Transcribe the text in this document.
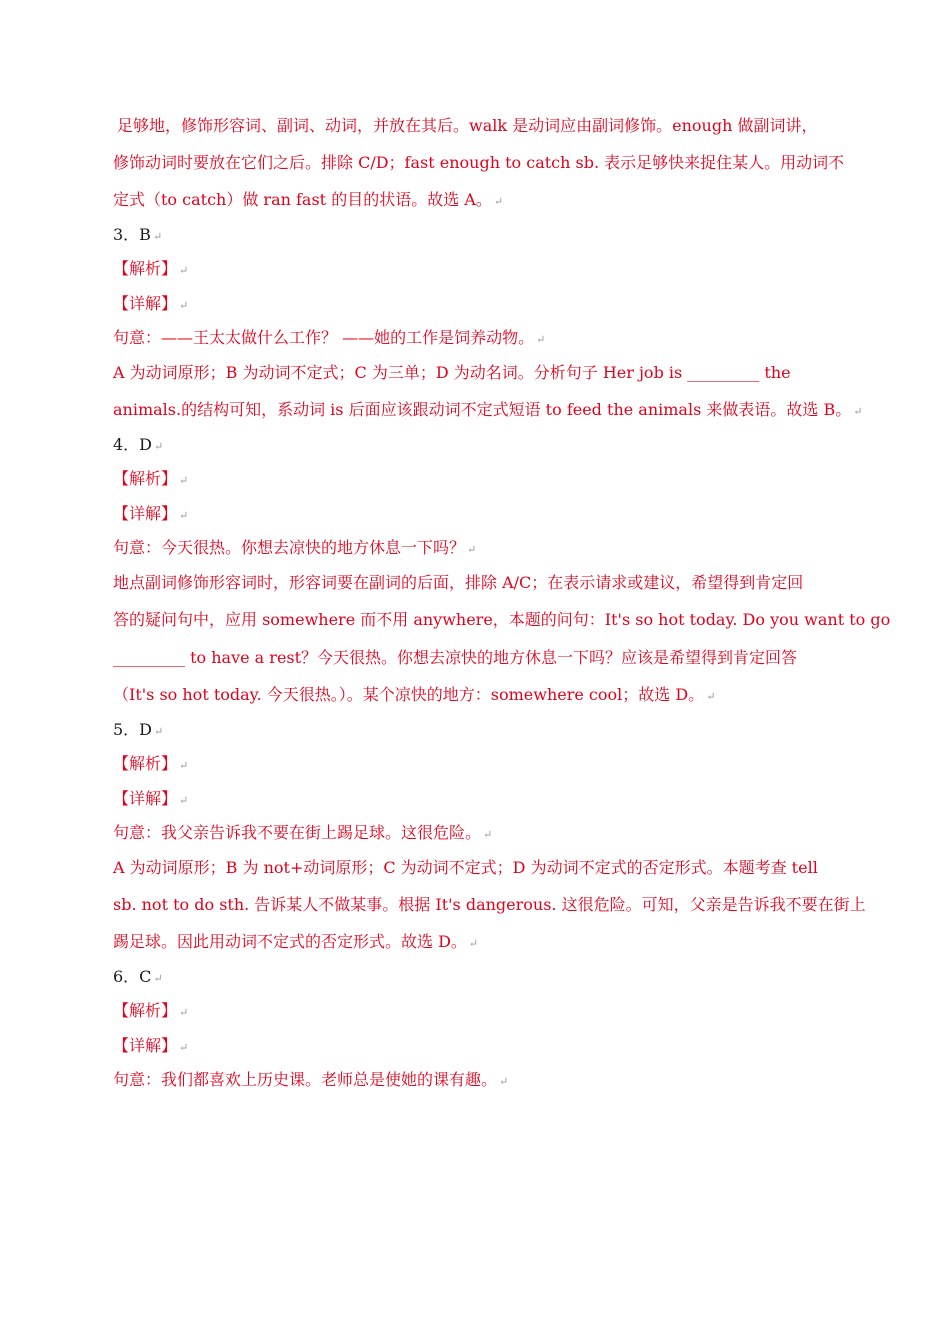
足够地，修饰形容词、副词、动词，并放在其后。walk 是动词应由副词修饰。enough 做副词讲，
修饰动词时要放在它们之后。排除 C/D；fast enough to catch sb. 表示足够快来捉住某人。用动词不
定式（to catch）做 ran fast 的目的状语。故选 A。 ↵
3．B ↵
【解析】 ↵
【详解】 ↵
句意：——王太太做什么工作？ ——她的工作是饲养动物。 ↵
A 为动词原形；B 为动词不定式；C 为三单；D 为动名词。分析句子 Her job is _________ the
animals.的结构可知，系动词 is 后面应该跟动词不定式短语 to feed the animals 来做表语。故选 B。 ↵
4．D ↵
【解析】 ↵
【详解】 ↵
句意：今天很热。你想去凉快的地方休息一下吗？ ↵
地点副词修饰形容词时，形容词要在副词的后面，排除 A/C；在表示请求或建议，希望得到肯定回
答的疑问句中，应用 somewhere 而不用 anywhere，本题的问句：It's so hot today. Do you want to go
_________ to have a rest？今天很热。你想去凉快的地方休息一下吗？应该是希望得到肯定回答
（It's so hot today. 今天很热。）。某个凉快的地方：somewhere cool；故选 D。 ↵
5．D ↵
【解析】 ↵
【详解】 ↵
句意：我父亲告诉我不要在街上踢足球。这很危险。 ↵
A 为动词原形；B 为 not+动词原形；C 为动词不定式；D 为动词不定式的否定形式。本题考查 tell
sb. not to do sth. 告诉某人不做某事。根据 It's dangerous. 这很危险。可知，父亲是告诉我不要在街上
踢足球。因此用动词不定式的否定形式。故选 D。 ↵
6．C ↵
【解析】 ↵
【详解】 ↵
句意：我们都喜欢上历史课。老师总是使她的课有趣。 ↵
